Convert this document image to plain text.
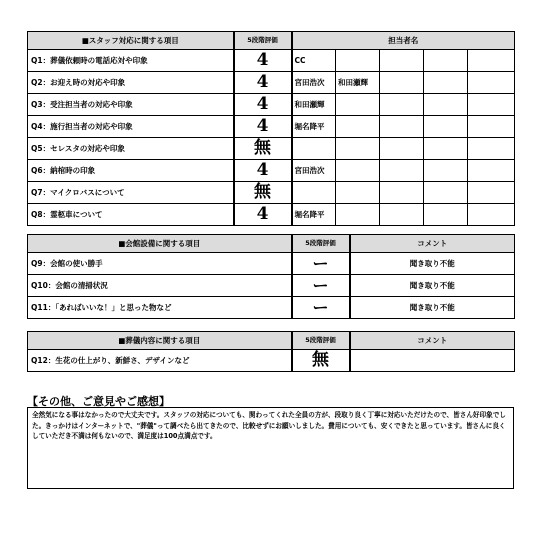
■スタッフ対応に関する項目	5段階評価	担当者名				
Q1：葬儀依頼時の電話応対や印象	4	CC				
Q2：お迎え時の対応や印象	4	宮田浩次	和田瀬輝			
Q3：受注担当者の対応や印象	4	和田瀬輝				
Q4：施行担当者の対応や印象	4	堀名降平				
Q5：セレスタの対応や印象	無					
Q6：納棺時の印象	4	宮田浩次				
Q7：マイクロバスについて	無					
Q8：霊柩車について	4	堀名降平				
■会館設備に関する項目	5段階評価	コメント
Q9：会館の使い勝手	ー	聞き取り不能
Q10：会館の清掃状況	ー	聞き取り不能
Q11：「あればいいな！」と思った物など	ー	聞き取り不能
■葬儀内容に関する項目	5段階評価	コメント
Q12：生花の仕上がり、新鮮さ、デザインなど	無	
【その他、ご意見やご感想】
全然気になる事はなかったので大丈夫です。スタッフの対応についても、関わってくれた全員の方が、段取り良く丁寧に対応いただけたので、皆さん好印象でした。きっかけはインターネットで、"葬儀"って調べたら出てきたので、比較せずにお願いしました。費用についても、安くできたと思っています。皆さんに良くしていただき不満は何もないので、満足度は100点満点です。
